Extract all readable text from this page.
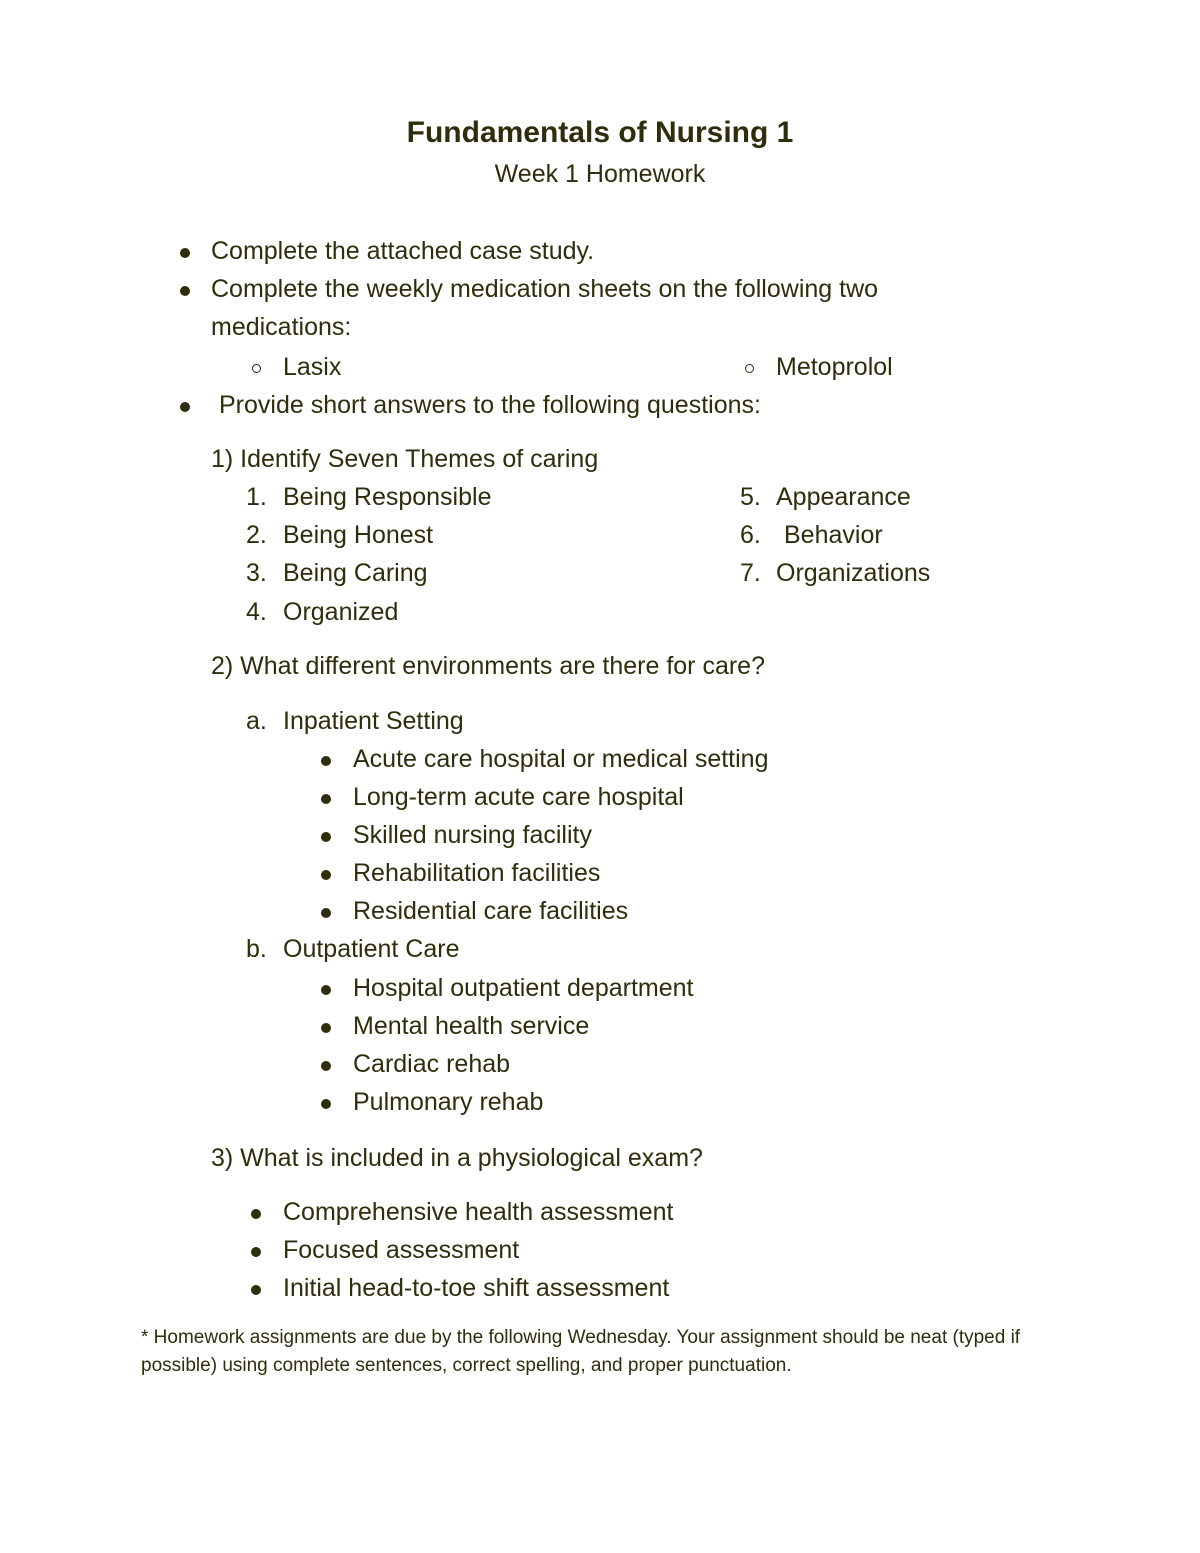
Fundamentals of Nursing 1
Week 1 Homework
Complete the attached case study.
Complete the weekly medication sheets on the following two
medications:
Lasix	Metoprolol
Provide short answers to the following questions:
1) Identify Seven Themes of caring
1. Being Responsible
2. Being Honest
3. Being Caring
4. Organized
5. Appearance
6. Behavior
7. Organizations
2) What different environments are there for care?
a. Inpatient Setting
Acute care hospital or medical setting
Long-term acute care hospital
Skilled nursing facility
Rehabilitation facilities
Residential care facilities
b. Outpatient Care
Hospital outpatient department
Mental health service
Cardiac rehab
Pulmonary rehab
3) What is included in a physiological exam?
Comprehensive health assessment
Focused assessment
Initial head-to-toe shift assessment
* Homework assignments are due by the following Wednesday. Your assignment should be neat (typed if possible) using complete sentences, correct spelling, and proper punctuation.
